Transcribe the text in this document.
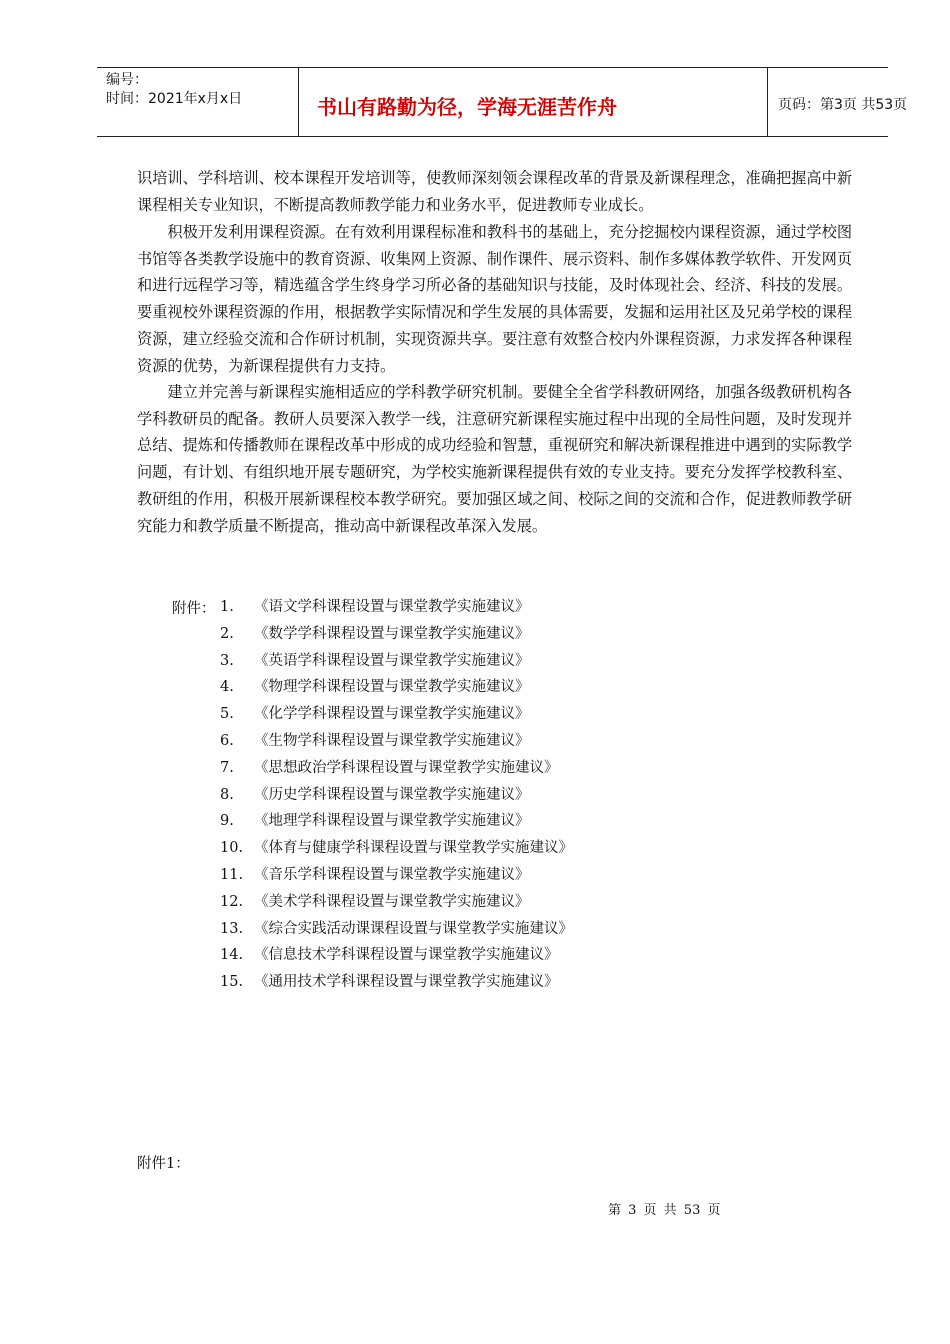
编号：
时间：2021年x月x日	书山有路勤为径，学海无涯苦作舟	页码：第3页 共53页

识培训、学科培训、校本课程开发培训等，使教师深刻领会课程改革的背景及新课程理念，准确把握高中新课程相关专业知识，不断提高教师教学能力和业务水平，促进教师专业成长。

积极开发利用课程资源。在有效利用课程标准和教科书的基础上，充分挖掘校内课程资源，通过学校图书馆等各类教学设施中的教育资源、收集网上资源、制作课件、展示资料、制作多媒体教学软件、开发网页和进行远程学习等，精选蕴含学生终身学习所必备的基础知识与技能，及时体现社会、经济、科技的发展。要重视校外课程资源的作用，根据教学实际情况和学生发展的具体需要，发掘和运用社区及兄弟学校的课程资源，建立经验交流和合作研讨机制，实现资源共享。要注意有效整合校内外课程资源，力求发挥各种课程资源的优势，为新课程提供有力支持。

建立并完善与新课程实施相适应的学科教学研究机制。要健全全省学科教研网络，加强各级教研机构各学科教研员的配备。教研人员要深入教学一线，注意研究新课程实施过程中出现的全局性问题，及时发现并总结、提炼和传播教师在课程改革中形成的成功经验和智慧，重视研究和解决新课程推进中遇到的实际教学问题，有计划、有组织地开展专题研究，为学校实施新课程提供有效的专业支持。要充分发挥学校教科室、教研组的作用，积极开展新课程校本教学研究。要加强区域之间、校际之间的交流和合作，促进教师教学研究能力和教学质量不断提高，推动高中新课程改革深入发展。

附件： 1. 《语文学科课程设置与课堂教学实施建议》
2. 《数学学科课程设置与课堂教学实施建议》
3. 《英语学科课程设置与课堂教学实施建议》
4. 《物理学科课程设置与课堂教学实施建议》
5. 《化学学科课程设置与课堂教学实施建议》
6. 《生物学科课程设置与课堂教学实施建议》
7. 《思想政治学科课程设置与课堂教学实施建议》
8. 《历史学科课程设置与课堂教学实施建议》
9. 《地理学科课程设置与课堂教学实施建议》
10. 《体育与健康学科课程设置与课堂教学实施建议》
11. 《音乐学科课程设置与课堂教学实施建议》
12. 《美术学科课程设置与课堂教学实施建议》
13. 《综合实践活动课课程设置与课堂教学实施建议》
14. 《信息技术学科课程设置与课堂教学实施建议》
15. 《通用技术学科课程设置与课堂教学实施建议》
附件1：
第 3 页 共 53 页
